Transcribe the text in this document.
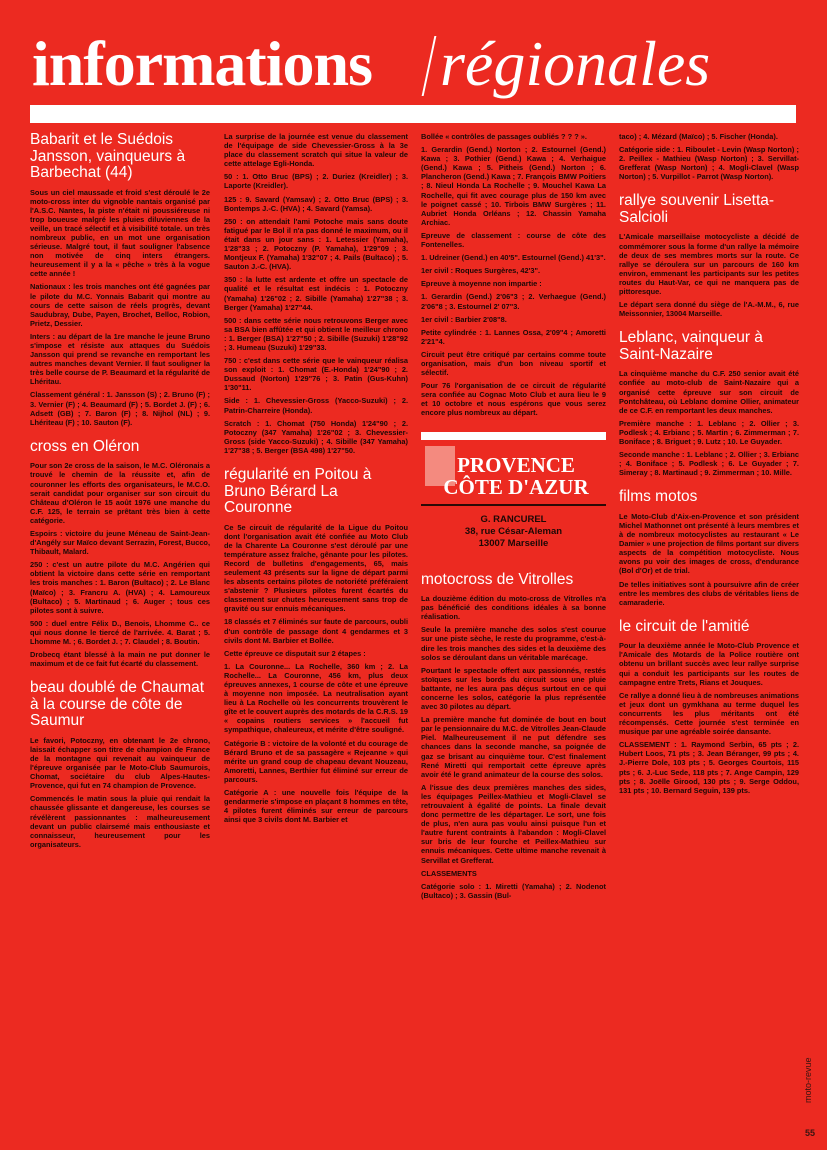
informations régionales
Babarit et le Suédois Jansson, vainqueurs à Barbechat (44)

Sous un ciel maussade et froid s'est déroulé le 2e moto-cross inter du vignoble nantais organisé par l'A.S.C. Nantes, la piste n'était ni poussiéreuse ni trop boueuse malgré les pluies diluviennes de la veille, un tracé sélectif et à visibilité totale. un très nombreux public, en un mot une organisation sérieuse. Malgré tout, il faut souligner l'absence non motivée de cinq inters étrangers. heureusement il y a la « pêche » très à la vogue cette année !

Nationaux : les trois manches ont été gagnées par le pilote du M.C. Yonnais Babarit qui montre au cours de cette saison de réels progrès, devant Saudubray, Dube, Payen, Brochet, Belloc, Robion, Prietz, Dessier.

Inters : au départ de la 1re manche le jeune Bruno s'impose et résiste aux attaques du Suédois Jansson qui prend se revanche en remportant les autres manches devant Vernier. Il faut souligner la très belle course de P. Beaumard et la régularité de Lhéritau.

Classement général : 1. Jansson (S) ; 2. Bruno (F) ; 3. Vernier (F) ; 4. Beaumard (F) ; 5. Bordet J. (F) ; 6. Adsett (GB) ; 7. Baron (F) ; 8. Nijhol (NL) ; 9. Lhériteau (F) ; 10. Sauton (F).

cross en Oléron

Pour son 2e cross de la saison, le M.C. Oléronais a trouvé le chemin de la réussite et, afin de couronner les efforts des organisateurs, le M.C.O. serait candidat pour organiser sur son circuit du Château d'Oléron le 15 août 1976 une manche du C.F. 125, le terrain se prêtant très bien à cette catégorie.

Espoirs : victoire du jeune Méneau de Saint-Jean-d'Angély sur Maïco devant Serrazin, Forest, Bucco, Thibault, Malard.

250 : c'est un autre pilote du M.C. Angérien qui obtient la victoire dans cette série en remportant les trois manches : 1. Baron (Bultaco) ; 2. Le Blanc (Maïco) ; 3. Francru A. (HVA) ; 4. Lamoureux (Bultaco) ; 5. Martinaud ; 6. Auger ; tous ces pilotes sont à suivre.

500 : duel entre Félix D., Benois, Lhomme C.. ce qui nous donne le tiercé de l'arrivée. 4. Barat ; 5. Lhomme M. ; 6. Bordet J. ; 7. Claudel ; 8. Boutin.

Drobecq étant blessé à la main ne put donner le maximum et de ce fait fut écarté du classement.

beau doublé de Chaumat à la course de côte de Saumur

Le favori, Potoczny, en obtenant le 2e chrono, laissait échapper son titre de champion de France de la montagne qui revenait au vainqueur de l'épreuve organisée par le Moto-Club Saumurois, Chomat, sociétaire du club Alpes-Hautes-Provence, qui fut en 74 champion de Provence.

Commencés le matin sous la pluie qui rendait la chaussée glissante et dangereuse, les courses se révélèrent passionnantes : malheureusement devant un public clairsemé mais enthousiaste et connaisseur, heureusement pour les organisateurs.

La surprise de la journée est venue du classement de l'équipage de side Chevessier-Gross à la 3e place du classement scratch qui situe la valeur de cette attelage Egli-Honda.

50 : 1. Otto Bruc (BPS) ; 2. Duriez (Kreidler) ; 3. Laporte (Kreidler).

125 : 9. Savard (Yamsav) ; 2. Otto Bruc (BPS) ; 3. Bontemps J.-C. (HVA) ; 4. Savard (Yamsa).

250 : on attendait l'ami Potoche mais sans doute fatigué par le Bol il n'a pas donné le maximum, ou il était dans un jour sans : 1. Letessier (Yamaha), 1'28"33 ; 2. Potoczny (P. Yamaha), 1'29"09 ; 3. Montjeux F. (Yamaha) 1'32"07 ; 4. Pails (Bultaco) ; 5. Sauton J.-C. (HVA).

350 : la lutte est ardente et offre un spectacle de qualité et le résultat est indécis : 1. Potoczny (Yamaha) 1'26"02 ; 2. Sibille (Yamaha) 1'27"38 ; 3. Berger (Yamaha) 1'27"44.

500 : dans cette série nous retrouvons Berger avec sa BSA bien affûtée et qui obtient le meilleur chrono : 1. Berger (BSA) 1'27"50 ; 2. Sibille (Suzuki) 1'28"92 ; 3. Humeau (Suzuki) 1'29"33.

750 : c'est dans cette série que le vainqueur réalisa son exploit : 1. Chomat (E.-Honda) 1'24"90 ; 2. Dussaud (Norton) 1'29"76 ; 3. Patin (Gus-Kuhn) 1'30"11.

Side : 1. Chevessier-Gross (Yacco-Suzuki) ; 2. Patrin-Charreire (Honda).

Scratch : 1. Chomat (750 Honda) 1'24"90 ; 2. Potoczny (347 Yamaha) 1'26"02 ; 3. Chevessier-Gross (side Yacco-Suzuki) ; 4. Sibille (347 Yamaha) 1'27"38 ; 5. Berger (BSA 498) 1'27"50.

régularité en Poitou à Bruno Bérard La Couronne

Ce 5e circuit de régularité de la Ligue du Poitou dont l'organisation avait été confiée au Moto Club de la Charente La Couronne s'est déroulé par une température assez fraîche, gênante pour les pilotes. Record de bulletins d'engagements, 65, mais seulement 43 présents sur la ligne de départ parmi les absents certains pilotes de notoriété préféraient s'abstenir ? Plusieurs pilotes furent écartés du classement sur chutes heureusement sans trop de gravité ou sur ennuis mécaniques.

18 classés et 7 éliminés sur faute de parcours, oubli d'un contrôle de passage dont 4 gendarmes et 3 civils dont M. Barbier et Bollée.

Cette épreuve ce disputait sur 2 étapes :

1. La Couronne... La Rochelle, 360 km ; 2. La Rochelle... La Couronne, 456 km, plus deux épreuves annexes, 1 course de côte et une épreuve à moyenne non imposée. La neutralisation ayant lieu à La Rochelle où les concurrents trouvèrent le gîte et le couvert auprès des motards de la C.R.S. 19 « copains routiers services » l'accueil fut sympathique, chaleureux, et mérite d'être souligné.

Catégorie B : victoire de la volonté et du courage de Bérard Bruno et de sa passagère « Rejeanne » qui mérite un grand coup de chapeau devant Nouzeau, Amoretti, Lannes, Berthier fut éliminé sur erreur de parcours.

Catégorie A : une nouvelle fois l'équipe de la gendarmerie s'impose en plaçant 8 hommes en tête, 4 pilotes furent éliminés sur erreur de parcours ainsi que 3 civils dont M. Barbier et

Bollée « contrôles de passages oubliés ? ? ? ».

1. Gerardin (Gend.) Norton ; 2. Estournel (Gend.) Kawa ; 3. Pothier (Gend.) Kawa ; 4. Verhaigue (Gend.) Kawa ; 5. Pitheis (Gend.) Norton ; 6. Plancheron (Gend.) Kawa ; 7. François BMW Poitiers ; 8. Nieul Honda La Rochelle ; 9. Mouchel Kawa La Rochelle, qui fit avec courage plus de 150 km avec le poignet cassé ; 10. Tirbois BMW Surgères ; 11. Aubriet Honda Orléans ; 12. Chassin Yamaha Archiac.

Epreuve de classement : course de côte des Fontenelles.

1. Udreiner (Gend.) en 40'5". Estournel (Gend.) 41'3".

1er civil : Roques Surgères, 42'3".

Epreuve à moyenne non impartie :

1. Gerardin (Gend.) 2'06"3 ; 2. Verhaegue (Gend.) 2'06"8 ; 3. Estournel 2' 07"3.

1er civil : Barbier 2'08"8.

Petite cylindrée : 1. Lannes Ossa, 2'09"4 ; Amoretti 2'21"4.

Circuit peut être critiqué par certains comme toute organisation, mais d'un bon niveau sportif et sélectif.

Pour 76 l'organisation de ce circuit de régularité sera confiée au Cognac Moto Club et aura lieu le 9 et 10 octobre et nous espérons que vous serez encore plus nombreux au départ.

PROVENCE CÔTE D'AZUR
G. RANCUREL
38, rue César-Aleman
13007 Marseille
motocross de Vitrolles

La douzième édition du moto-cross de Vitrolles n'a pas bénéficié des conditions idéales à sa bonne réalisation.

Seule la première manche des solos s'est courue sur une piste sèche, le reste du programme, c'est-à-dire les trois manches des sides et la deuxième des solos se déroulant dans un véritable marécage.

Pourtant le spectacle offert aux passionnés, restés stoïques sur les bords du circuit sous une pluie battante, ne les aura pas déçus surtout en ce qui concerne les solos, catégorie la plus représentée avec 30 pilotes au départ.

La première manche fut dominée de bout en bout par le pensionnaire du M.C. de Vitrolles Jean-Claude Piel. Malheureusement il ne put défendre ses chances dans la seconde manche, sa poignée de gaz se brisant au cinquième tour. C'est finalement René Miretti qui remportait cette épreuve après avoir été le grand animateur de la course des solos.

A l'issue des deux premières manches des sides, les équipages Peillex-Mathieu et Mogli-Clavel se retrouvaient à égalité de points. La finale devait donc permettre de les départager. Le sort, une fois de plus, n'en aura pas voulu ainsi puisque l'un et l'autre furent contraints à l'abandon : Mogli-Clavel sur bris de leur fourche et Peillex-Mathieu sur ennuis mécaniques. Cette ultime manche revenait à Servillat et Grefferat.

CLASSEMENTS

Catégorie solo : 1. Miretti (Yamaha) ; 2. Nodenot (Bultaco) ; 3. Gassin (Bul-

taco) ; 4. Mézard (Maïco) ; 5. Fischer (Honda).

Catégorie side : 1. Riboulet - Levin (Wasp Norton) ; 2. Peillex - Mathieu (Wasp Norton) ; 3. Servillat-Grefferat (Wasp Norton) ; 4. Mogli-Clavel (Wasp Norton) ; 5. Vurpillot - Parrot (Wasp Norton).

rallye souvenir Lisetta-Salcioli

L'Amicale marseillaise motocycliste a décidé de commémorer sous la forme d'un rallye la mémoire de deux de ses membres morts sur la route. Ce rallye se déroulera sur un parcours de 160 km environ, emmenant les participants sur les petites routes du Haut-Var, ce qui ne manquera pas de pittoresque.

Le départ sera donné du siège de l'A.-M.M., 6, rue Meissonnier, 13004 Marseille.

Leblanc, vainqueur à Saint-Nazaire

La cinquième manche du C.F. 250 senior avait été confiée au moto-club de Saint-Nazaire qui a organisé cette épreuve sur son circuit de Pontchâteau, où Leblanc domine Ollier, animateur de ce C.F. en remportant les deux manches.

Première manche : 1. Leblanc ; 2. Ollier ; 3. Podlesk ; 4. Erbianc ; 5. Martin ; 6. Zimmerman ; 7. Boniface ; 8. Briguet ; 9. Lutz ; 10. Le Guyader.

Seconde manche : 1. Leblanc ; 2. Ollier ; 3. Erbianc ; 4. Boniface ; 5. Podlesk ; 6. Le Guyader ; 7. Simeray ; 8. Martinaud ; 9. Zimmerman ; 10. Mille.

films motos

Le Moto-Club d'Aix-en-Provence et son président Michel Mathonnet ont présenté à leurs membres et à de nombreux motocyclistes au restaurant « Le Damier » une projection de films portant sur divers aspects de la compétition motocycliste. Nous avons pu voir des images de cross, d'endurance (Bol d'Or) et de trial.

De telles initiatives sont à poursuivre afin de créer entre les membres des clubs de véritables liens de camaraderie.

le circuit de l'amitié

Pour la deuxième année le Moto-Club Provence et l'Amicale des Motards de la Police routière ont obtenu un brillant succès avec leur rallye surprise qui a conduit les participants sur les routes de campagne entre Trets, Rians et Jouques.

Ce rallye a donné lieu à de nombreuses animations et jeux dont un gymkhana au terme duquel les concurrents les plus méritants ont été récompensés. Cette journée s'est terminée en musique par une agréable soirée dansante.

CLASSEMENT : 1. Raymond Serbin, 65 pts ; 2. Hubert Loos, 71 pts ; 3. Jean Béranger, 99 pts ; 4. J.-Pierre Dole, 103 pts ; 5. Georges Courtois, 115 pts ; 6. J.-Luc Sede, 118 pts ; 7. Ange Campin, 129 pts ; 8. Joëlle Girood, 130 pts ; 9. Serge Oddou, 131 pts ; 10. Bernard Seguin, 139 pts.

moto-revue
55
